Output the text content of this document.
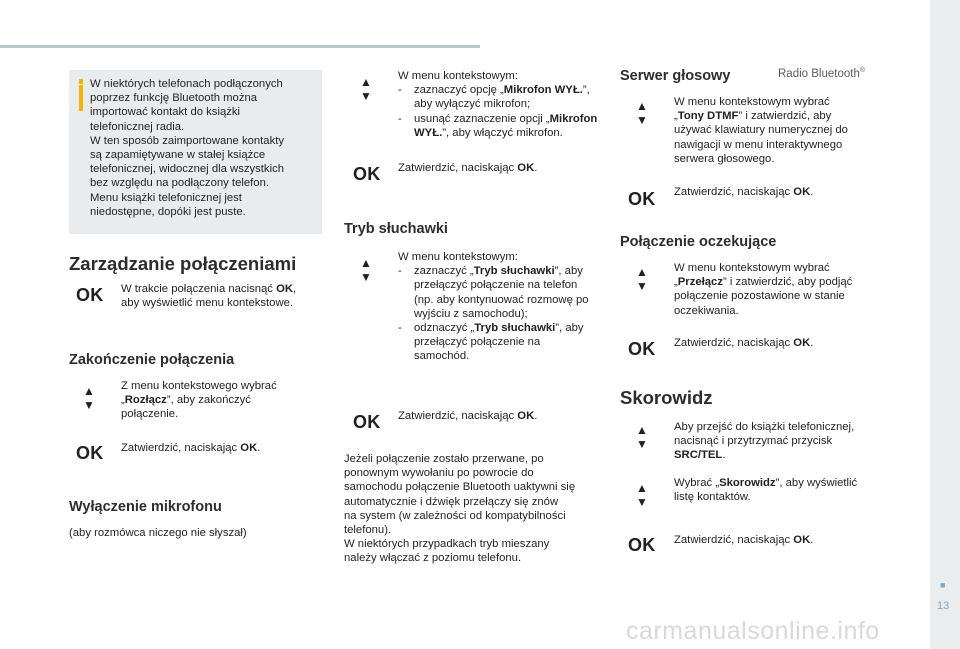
Radio Bluetooth®
W niektórych telefonach podłączonych
poprzez funkcję Bluetooth można
importować kontakt do książki
telefonicznej radia.
W ten sposób zaimportowane kontakty
są zapamiętywane w stałej książce
telefonicznej, widocznej dla wszystkich
bez względu na podłączony telefon.
Menu książki telefonicznej jest
niedostępne, dopóki jest puste.
Zarządzanie połączeniami
OK W trakcie połączenia nacisnąć OK,
aby wyświetlić menu kontekstowe.
Zakończenie połączenia
▲
▼
Z menu kontekstowego wybrać
„Rozłącz”, aby zakończyć
połączenie.
OK Zatwierdzić, naciskając OK.
Wyłączenie mikrofonu
(aby rozmówca niczego nie słyszał)
▲
▼
W menu kontekstowym:
- zaznaczyć opcję „Mikrofon WYŁ.”, aby wyłączyć mikrofon;
- usunąć zaznaczenie opcji „Mikrofon WYŁ.”, aby włączyć mikrofon.
OK Zatwierdzić, naciskając OK.
Tryb słuchawki
▲
▼
W menu kontekstowym:
- zaznaczyć „Tryb słuchawki”, aby przełączyć połączenie na telefon (np. aby kontynuować rozmowę po wyjściu z samochodu);
- odznaczyć „Tryb słuchawki”, aby przełączyć połączenie na samochód.
OK Zatwierdzić, naciskając OK.
Jeżeli połączenie zostało przerwane, po
ponownym wywołaniu po powrocie do
samochodu połączenie Bluetooth uaktywni się
automatycznie i dźwięk przełączy się znów
na system (w zależności od kompatybilności
telefonu).
W niektórych przypadkach tryb mieszany
należy włączać z poziomu telefonu.
Serwer głosowy
▲
▼
W menu kontekstowym wybrać
„Tony DTMF” i zatwierdzić, aby
używać klawiatury numerycznej do
nawigacji w menu interaktywnego
serwera głosowego.
OK Zatwierdzić, naciskając OK.
Połączenie oczekujące
▲
▼
W menu kontekstowym wybrać
„Przełącz” i zatwierdzić, aby podjąć
połączenie pozostawione w stanie
oczekiwania.
OK Zatwierdzić, naciskając OK.
Skorowidz
▲
▼
Aby przejść do książki telefonicznej,
nacisnąć i przytrzymać przycisk
SRC/TEL.
▲
▼
Wybrać „Skorowidz”, aby wyświetlić
listę kontaktów.
OK Zatwierdzić, naciskając OK.
■
13
carmanualsonline.info
